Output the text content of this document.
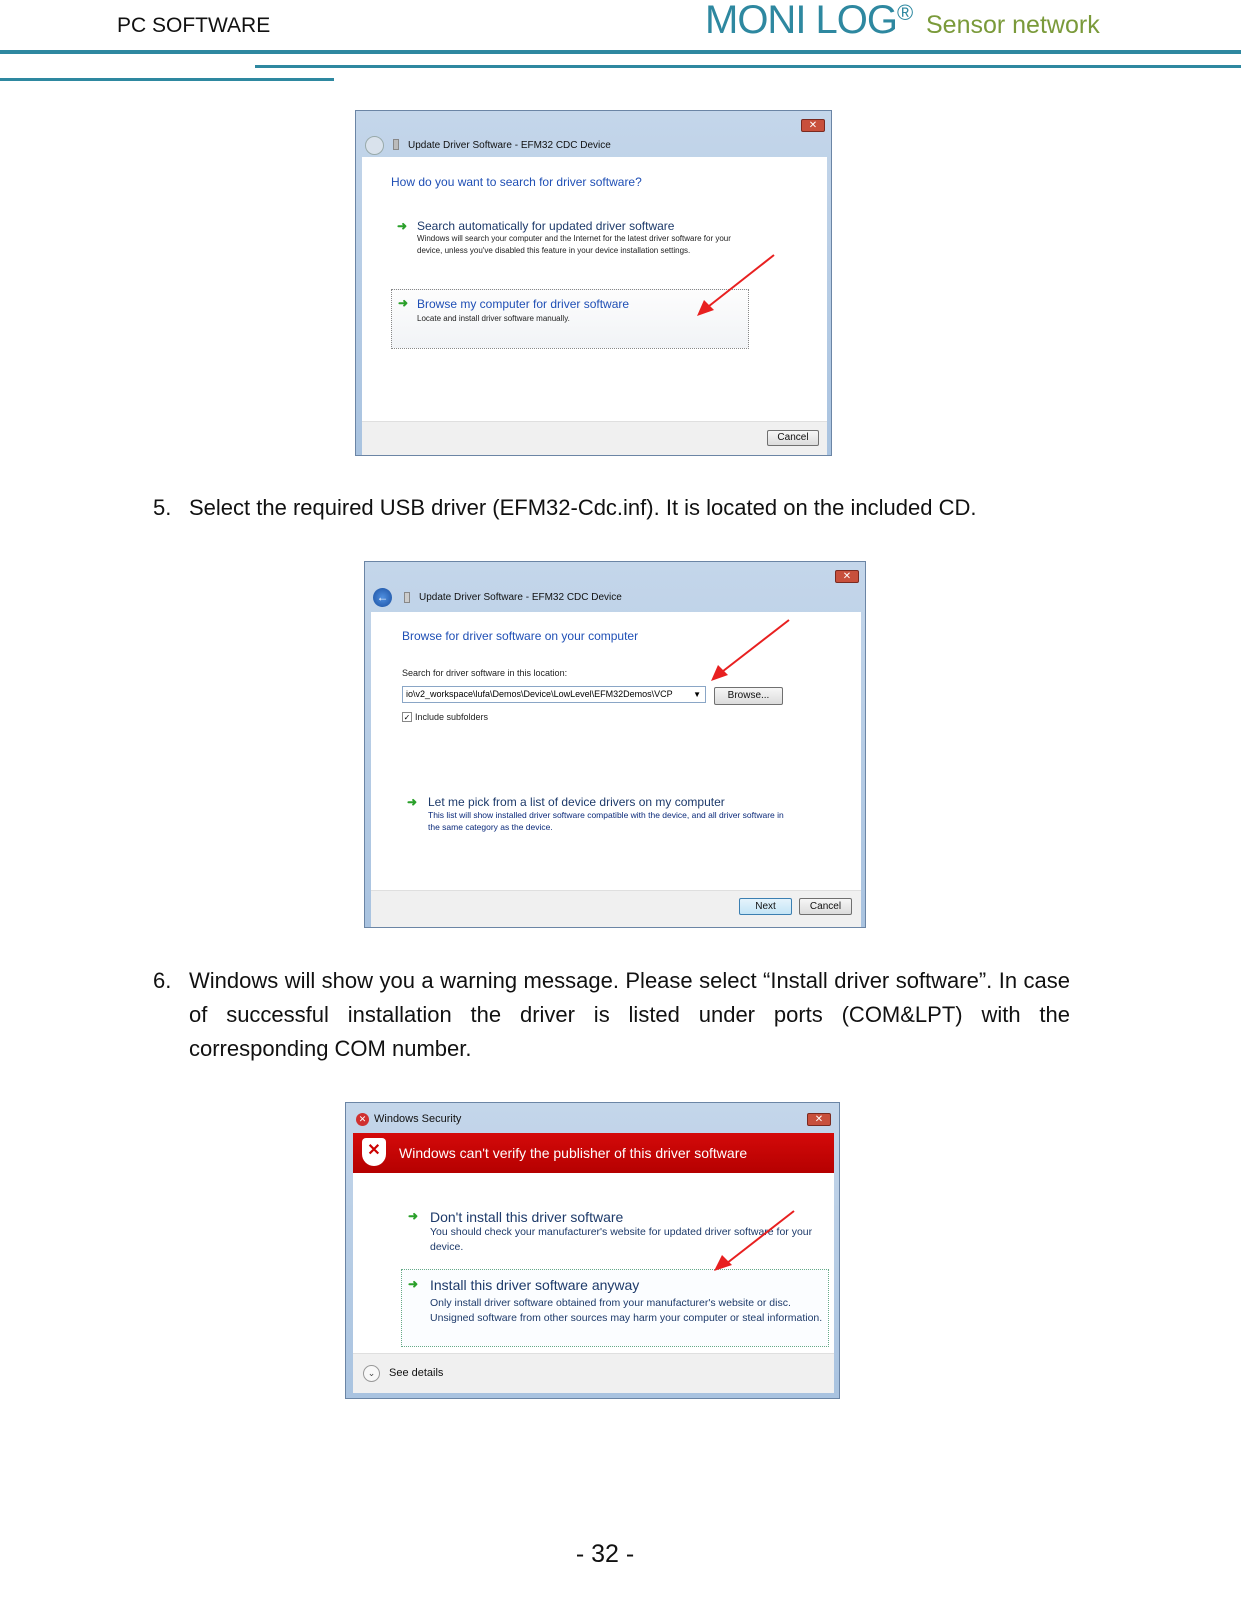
PC SOFTWARE	MONI LOG® Sensor network
✕
Update Driver Software - EFM32 CDC Device
How do you want to search for driver software?
➜ Search automatically for updated driver software
Windows will search your computer and the Internet for the latest driver software for your device, unless you've disabled this feature in your device installation settings.
➜ Browse my computer for driver software
Locate and install driver software manually.
Cancel
5. Select the required USB driver (EFM32-Cdc.inf). It is located on the included CD.
✕
←	Update Driver Software - EFM32 CDC Device
Browse for driver software on your computer
Search for driver software in this location:
io\v2_workspace\lufa\Demos\Device\LowLevel\EFM32Demos\VCP	▼	Browse...
✓ Include subfolders
➜ Let me pick from a list of device drivers on my computer
This list will show installed driver software compatible with the device, and all driver software in the same category as the device.
Next	Cancel
6. Windows will show you a warning message. Please select “Install driver software”. In case of successful installation the driver is listed under ports (COM&LPT) with the corresponding COM number.
✕ Windows Security	✕
✕	Windows can't verify the publisher of this driver software
➜ Don't install this driver software
You should check your manufacturer's website for updated driver software for your device.
➜ Install this driver software anyway
Only install driver software obtained from your manufacturer's website or disc. Unsigned software from other sources may harm your computer or steal information.
⌄	See details
- 32 -
